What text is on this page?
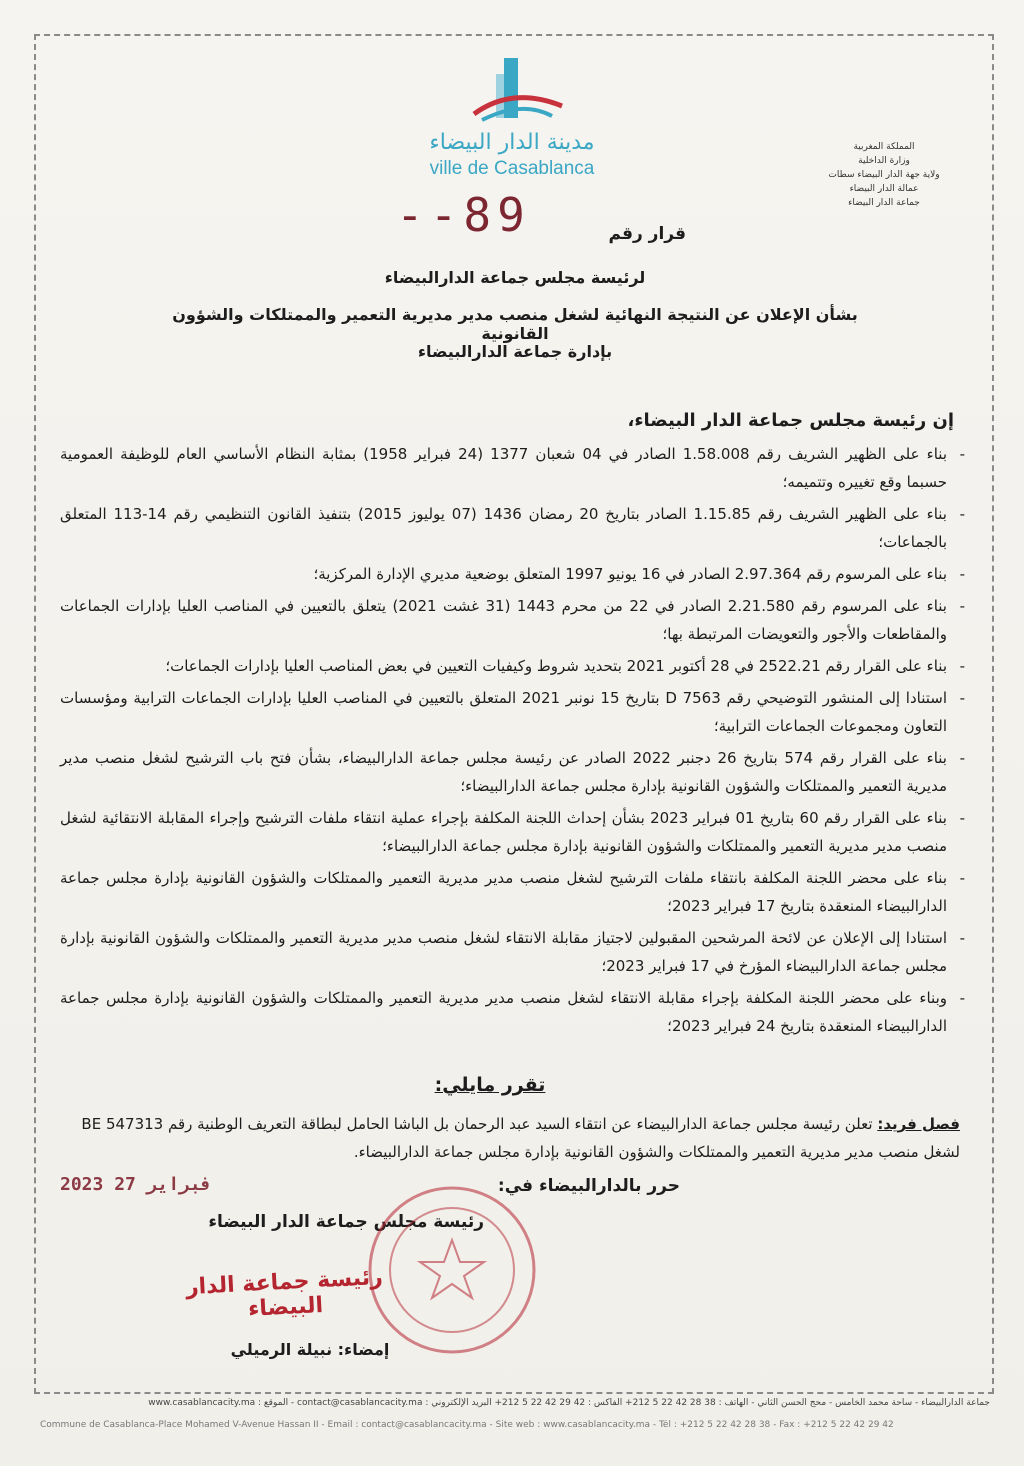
مدينة الدار البيضاء
ville de Casablanca
المملكة المغربية
وزارة الداخلية
ولاية جهة الدار البيضاء سطات
عمالة الدار البيضاء
جماعة الدار البيضاء
--89	قرار رقم
لرئيسة مجلس جماعة الدارالبيضاء
بشأن الإعلان عن النتيجة النهائية لشغل منصب مدير مديرية التعمير والممتلكات والشؤون القانونية
بإدارة جماعة الدارالبيضاء
إن رئيسة مجلس جماعة الدار البيضاء،
- بناء على الظهير الشريف رقم 1.58.008 الصادر في 04 شعبان 1377 (24 فبراير 1958) بمثابة النظام الأساسي العام للوظيفة العمومية حسبما وقع تغييره وتتميمه؛
- بناء على الظهير الشريف رقم 1.15.85 الصادر بتاريخ 20 رمضان 1436 (07 يوليوز 2015) بتنفيذ القانون التنظيمي رقم 14-113 المتعلق بالجماعات؛
- بناء على المرسوم رقم 2.97.364 الصادر في 16 يونيو 1997 المتعلق بوضعية مديري الإدارة المركزية؛
- بناء على المرسوم رقم 2.21.580 الصادر في 22 من محرم 1443 (31 غشت 2021) يتعلق بالتعيين في المناصب العليا بإدارات الجماعات والمقاطعات والأجور والتعويضات المرتبطة بها؛
- بناء على القرار رقم 2522.21 في 28 أكتوبر 2021 بتحديد شروط وكيفيات التعيين في بعض المناصب العليا بإدارات الجماعات؛
- استنادا إلى المنشور التوضيحي رقم D 7563 بتاريخ 15 نونبر 2021 المتعلق بالتعيين في المناصب العليا بإدارات الجماعات الترابية ومؤسسات التعاون ومجموعات الجماعات الترابية؛
- بناء على القرار رقم 574 بتاريخ 26 دجنبر 2022 الصادر عن رئيسة مجلس جماعة الدارالبيضاء، بشأن فتح باب الترشيح لشغل منصب مدير مديرية التعمير والممتلكات والشؤون القانونية بإدارة مجلس جماعة الدارالبيضاء؛
- بناء على القرار رقم 60 بتاريخ 01 فبراير 2023 بشأن إحداث اللجنة المكلفة بإجراء عملية انتقاء ملفات الترشيح وإجراء المقابلة الانتقائية لشغل منصب مدير مديرية التعمير والممتلكات والشؤون القانونية بإدارة مجلس جماعة الدارالبيضاء؛
- بناء على محضر اللجنة المكلفة بانتقاء ملفات الترشيح لشغل منصب مدير مديرية التعمير والممتلكات والشؤون القانونية بإدارة مجلس جماعة الدارالبيضاء المنعقدة بتاريخ 17 فبراير 2023؛
- استنادا إلى الإعلان عن لائحة المرشحين المقبولين لاجتياز مقابلة الانتقاء لشغل منصب مدير مديرية التعمير والممتلكات والشؤون القانونية بإدارة مجلس جماعة الدارالبيضاء المؤرخ في 17 فبراير 2023؛
- وبناء على محضر اللجنة المكلفة بإجراء مقابلة الانتقاء لشغل منصب مدير مديرية التعمير والممتلكات والشؤون القانونية بإدارة مجلس جماعة الدارالبيضاء المنعقدة بتاريخ 24 فبراير 2023؛
تقرر مايلي:
فصل فريد: تعلن رئيسة مجلس جماعة الدارالبيضاء عن انتقاء السيد عبد الرحمان بل الباشا الحامل لبطاقة التعريف الوطنية رقم BE 547313 لشغل منصب مدير مديرية التعمير والممتلكات والشؤون القانونية بإدارة مجلس جماعة الدارالبيضاء.
حرر بالدارالبيضاء في:
2023 فبراير 27
رئيسة مجلس جماعة الدار البيضاء
رئيسة جماعة الدار البيضاء
إمضاء: نبيلة الرميلي
جماعة الدارالبيضاء - ساحة محمد الخامس - محج الحسن الثاني - الهاتف : 38 28 42 22 5 212+ الفاكس : 42 29 42 22 5 212+ البريد الإلكتروني : contact@casablancacity.ma - الموقع : www.casablancacity.ma
Commune de Casablanca-Place Mohamed V-Avenue Hassan II - Email : contact@casablancacity.ma - Site web : www.casablancacity.ma - Tél : +212 5 22 42 28 38 - Fax : +212 5 22 42 29 42
